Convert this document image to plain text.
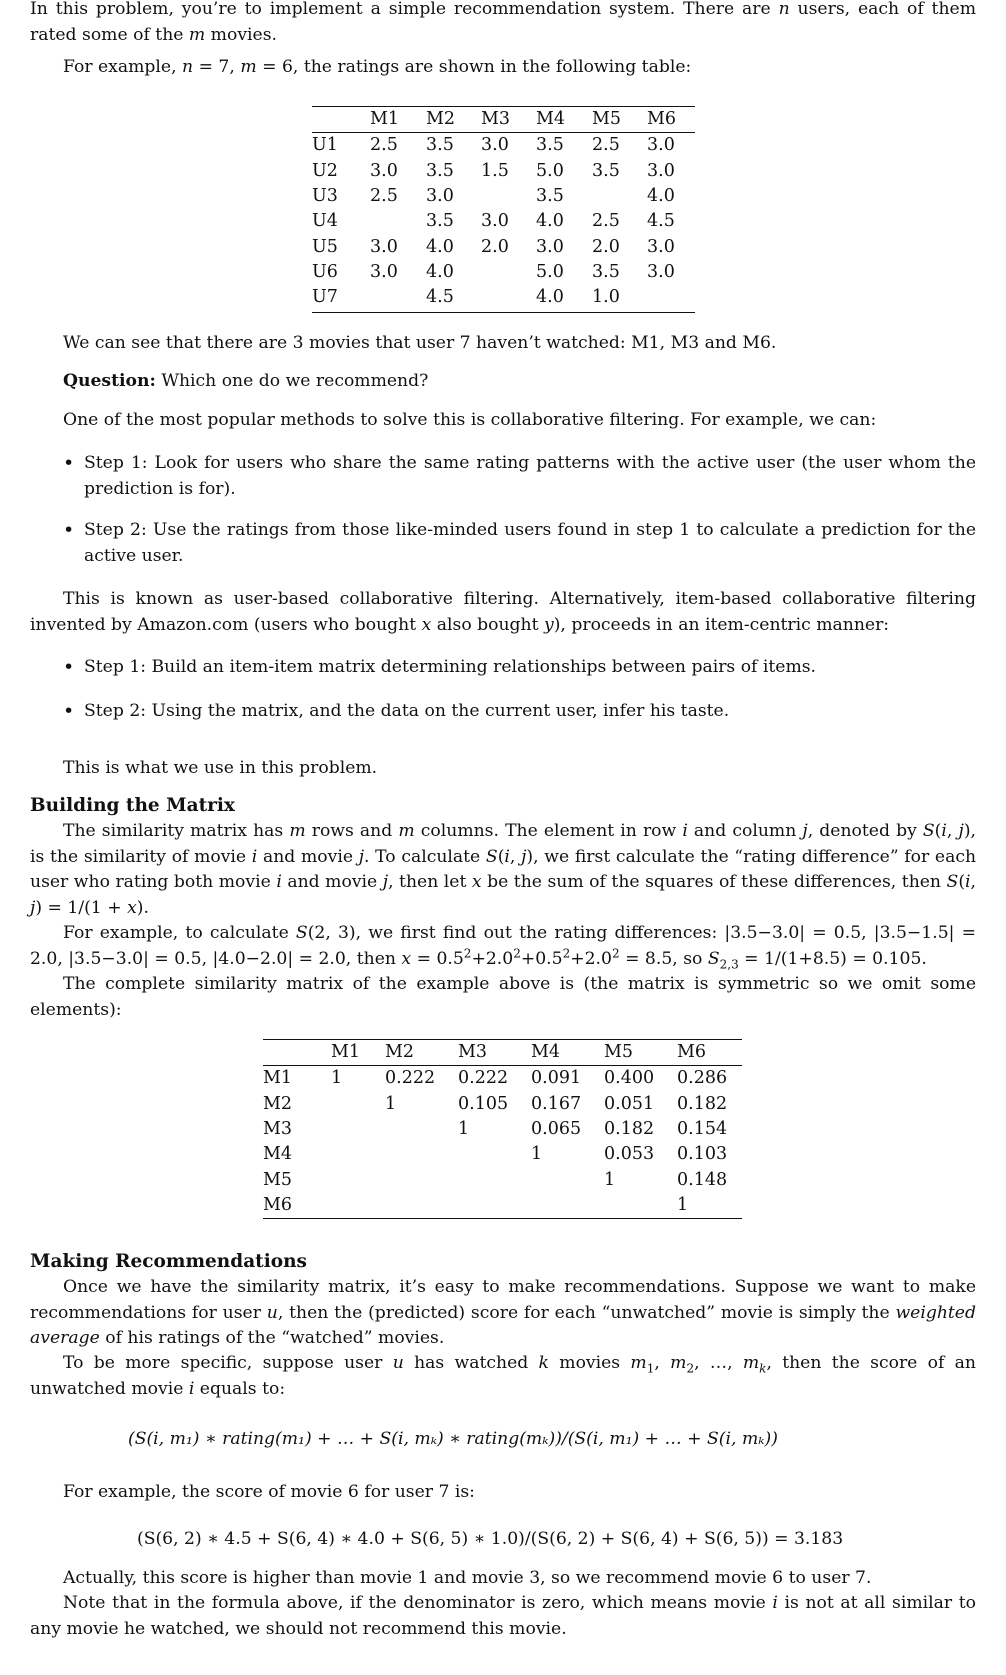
In this problem, you’re to implement a simple recommendation system. There are n users, each of them rated some of the m movies.
For example, n = 7, m = 6, the ratings are shown in the following table:
	M1	M2	M3	M4	M5	M6
U1	2.5	3.5	3.0	3.5	2.5	3.0
U2	3.0	3.5	1.5	5.0	3.5	3.0
U3	2.5	3.0		3.5		4.0
U4		3.5	3.0	4.0	2.5	4.5
U5	3.0	4.0	2.0	3.0	2.0	3.0
U6	3.0	4.0		5.0	3.5	3.0
U7		4.5		4.0	1.0	
We can see that there are 3 movies that user 7 haven’t watched: M1, M3 and M6.
Question: Which one do we recommend?
One of the most popular methods to solve this is collaborative filtering. For example, we can:
• Step 1: Look for users who share the same rating patterns with the active user (the user whom the prediction is for).
• Step 2: Use the ratings from those like-minded users found in step 1 to calculate a prediction for the active user.
This is known as user-based collaborative filtering. Alternatively, item-based collaborative filtering invented by Amazon.com (users who bought x also bought y), proceeds in an item-centric manner:
• Step 1: Build an item-item matrix determining relationships between pairs of items.
• Step 2: Using the matrix, and the data on the current user, infer his taste.
This is what we use in this problem.
Building the Matrix
The similarity matrix has m rows and m columns. The element in row i and column j, denoted by S(i, j), is the similarity of movie i and movie j. To calculate S(i, j), we first calculate the “rating difference” for each user who rating both movie i and movie j, then let x be the sum of the squares of these differences, then S(i, j) = 1/(1 + x).
For example, to calculate S(2, 3), we first find out the rating differences: |3.5−3.0| = 0.5, |3.5−1.5| = 2.0, |3.5−3.0| = 0.5, |4.0−2.0| = 2.0, then $x = 0.5^2+2.0^2+0.5^2+2.0^2 = 8.5$, so $S_{2,3} = 1/(1+8.5) = 0.105$.
The complete similarity matrix of the example above is (the matrix is symmetric so we omit some elements):
	M1	M2	M3	M4	M5	M6
M1	1	0.222	0.222	0.091	0.400	0.286
M2		1	0.105	0.167	0.051	0.182
M3			1	0.065	0.182	0.154
M4				1	0.053	0.103
M5					1	0.148
M6						1
Making Recommendations
Once we have the similarity matrix, it’s easy to make recommendations. Suppose we want to make recommendations for user u, then the (predicted) score for each “unwatched” movie is simply the weighted average of his ratings of the “watched” movies.
To be more specific, suppose user u has watched k movies $m_1$, $m_2$, …, $m_k$, then the score of an unwatched movie i equals to:
(S(i, m₁) ∗ rating(m₁) + … + S(i, mₖ) ∗ rating(mₖ))/(S(i, m₁) + … + S(i, mₖ))
For example, the score of movie 6 for user 7 is:
(S(6, 2) ∗ 4.5 + S(6, 4) ∗ 4.0 + S(6, 5) ∗ 1.0)/(S(6, 2) + S(6, 4) + S(6, 5)) = 3.183
Actually, this score is higher than movie 1 and movie 3, so we recommend movie 6 to user 7.
Note that in the formula above, if the denominator is zero, which means movie i is not at all similar to any movie he watched, we should not recommend this movie.
